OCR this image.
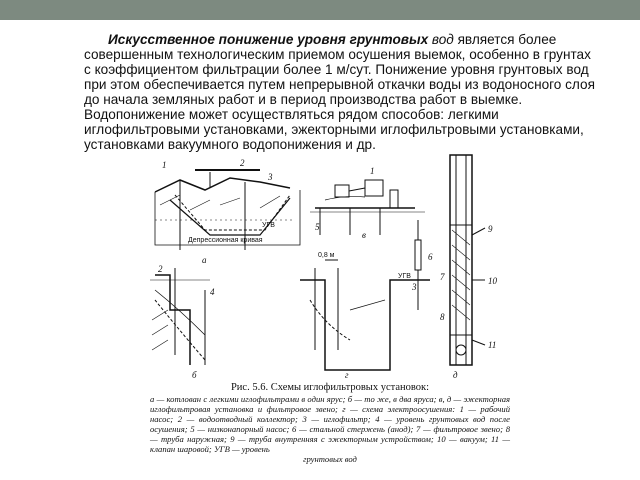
Искусственное понижение уровня грунтовых вод является более совершенным технологическим приемом осушения выемок, особенно в грунтах с коэффициентом фильтрации более 1 м/сут. Понижение уровня грунтовых вод при этом обеспечивается путем непрерывной откачки воды из водоносного слоя до начала земляных работ и в период производства работ в выемке. Водопонижение может осуществляться рядом способов: легкими иглофильтровыми установками, эжекторными иглофильтровыми установками, установками вакуумного водопонижения и др.
а
в
д
б	г
УГВ
УГВ
Депрессионная кривая
0,8 м
1	2
3
1
5
2
4
6
3
9
7	10
8
11
Рис. 5.6. Схемы иглофильтровых установок:
а — котлован с легкими иглофильтрами в один ярус; б — то же, в два яруса; в, д — эжекторная иглофильтровая установка и фильтровое звено; г — схема электроосушения: 1 — рабочий насос; 2 — водоотводный коллектор; 3 — иглофильтр; 4 — уровень грунтовых вод после осушения; 5 — низконапорный насос; 6 — стальной стержень (анод); 7 — фильтровое звено; 8 — труба наружная; 9 — труба внутренняя с эжекторным устройством; 10 — вакуум; 11 — клапан шаровой; УГВ — уровень
грунтовых вод
